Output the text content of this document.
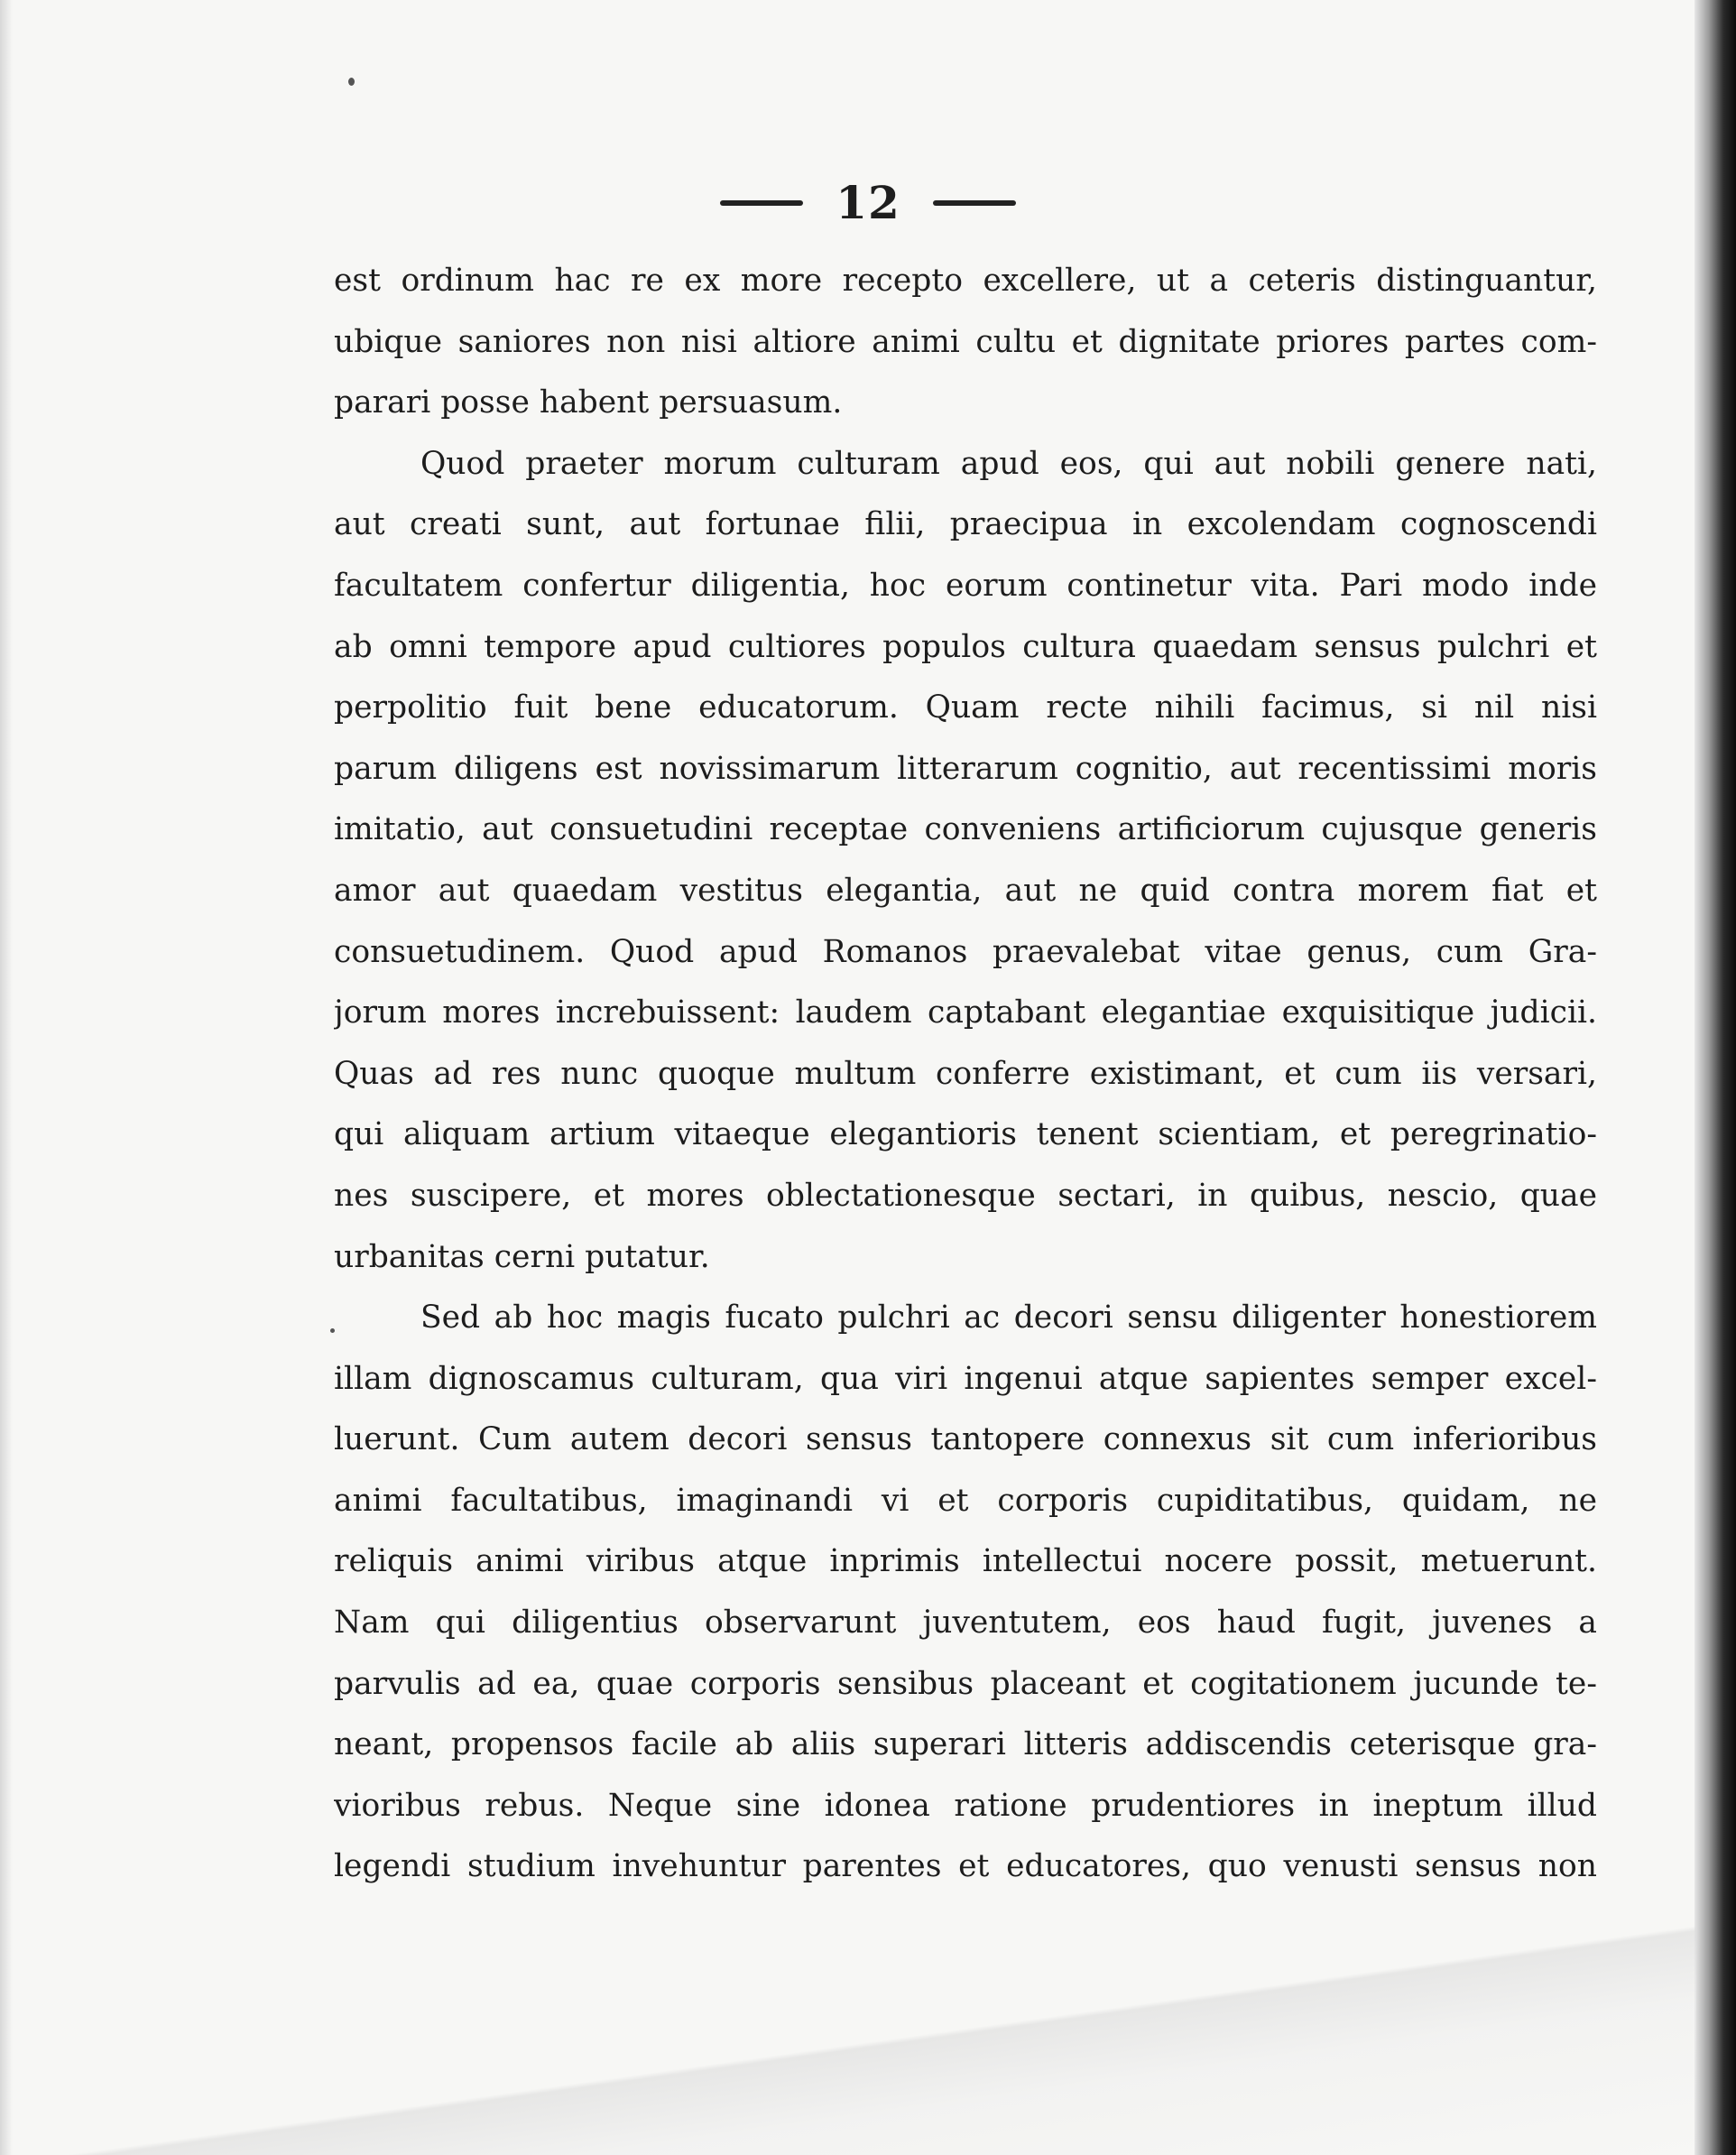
12
est ordinum hac re ex more recepto excellere, ut a ceteris distinguantur,
ubique saniores non nisi altiore animi cultu et dignitate priores partes com-
parari posse habent persuasum.
Quod praeter morum culturam apud eos, qui aut nobili genere nati,
aut creati sunt, aut fortunae filii, praecipua in excolendam cognoscendi
facultatem confertur diligentia, hoc eorum continetur vita. Pari modo inde
ab omni tempore apud cultiores populos cultura quaedam sensus pulchri et
perpolitio fuit bene educatorum. Quam recte nihili facimus, si nil nisi
parum diligens est novissimarum litterarum cognitio, aut recentissimi moris
imitatio, aut consuetudini receptae conveniens artificiorum cujusque generis
amor aut quaedam vestitus elegantia, aut ne quid contra morem fiat et
consuetudinem. Quod apud Romanos praevalebat vitae genus, cum Gra-
jorum mores increbuissent: laudem captabant elegantiae exquisitique judicii.
Quas ad res nunc quoque multum conferre existimant, et cum iis versari,
qui aliquam artium vitaeque elegantioris tenent scientiam, et peregrinatio-
nes suscipere, et mores oblectationesque sectari, in quibus, nescio, quae
urbanitas cerni putatur.
Sed ab hoc magis fucato pulchri ac decori sensu diligenter honestiorem
illam dignoscamus culturam, qua viri ingenui atque sapientes semper excel-
luerunt. Cum autem decori sensus tantopere connexus sit cum inferioribus
animi facultatibus, imaginandi vi et corporis cupiditatibus, quidam, ne
reliquis animi viribus atque inprimis intellectui nocere possit, metuerunt.
Nam qui diligentius observarunt juventutem, eos haud fugit, juvenes a
parvulis ad ea, quae corporis sensibus placeant et cogitationem jucunde te-
neant, propensos facile ab aliis superari litteris addiscendis ceterisque gra-
vioribus rebus. Neque sine idonea ratione prudentiores in ineptum illud
legendi studium invehuntur parentes et educatores, quo venusti sensus non
